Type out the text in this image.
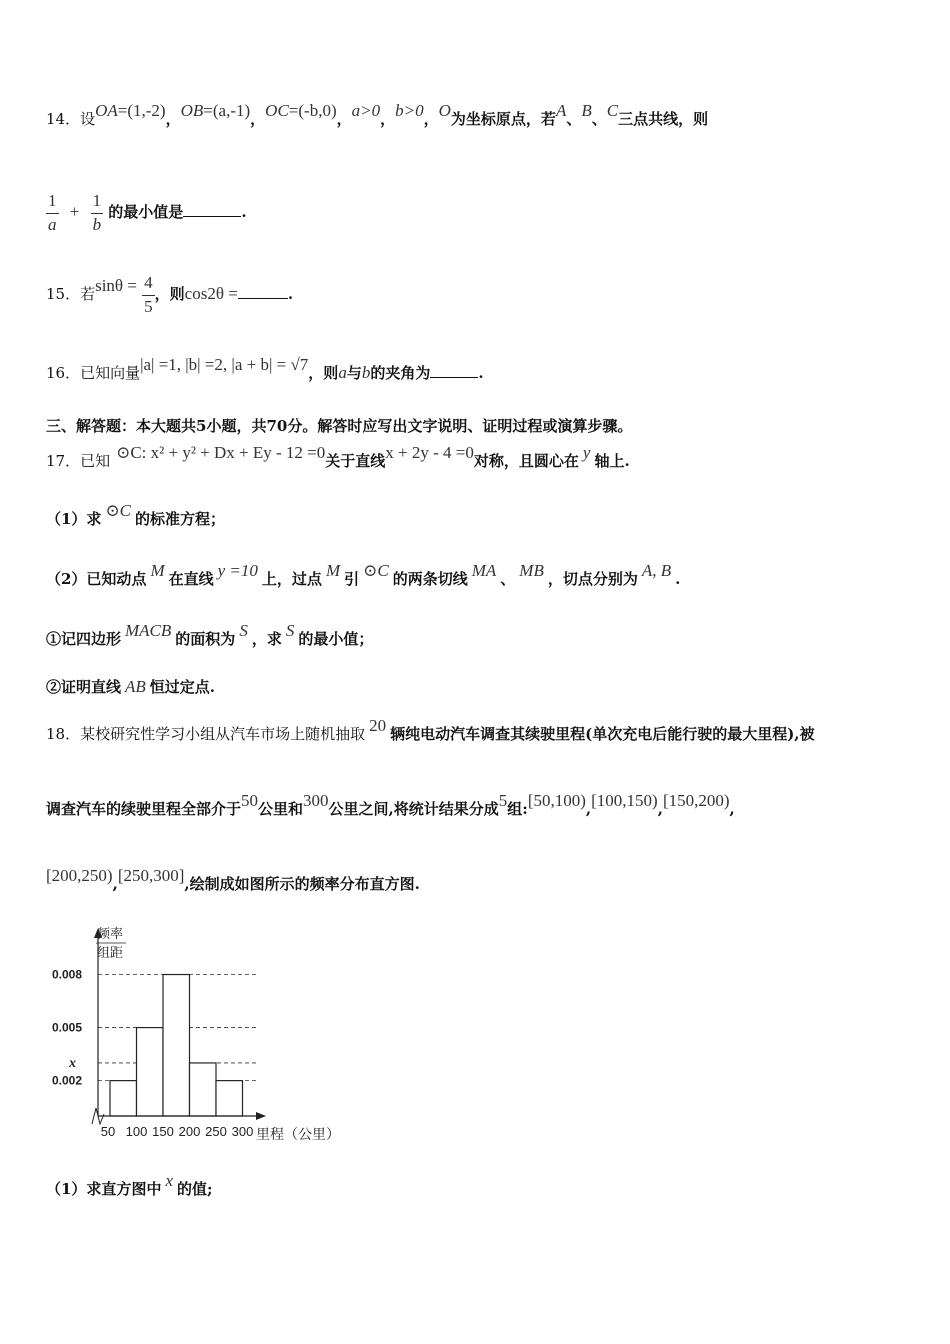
14．设OA=(1,-2)，OB=(a,-1)，OC=(-b,0)，a>0，b>0，O为坐标原点，若A、B、C三点共线，则
$\frac{1}{a} + \frac{1}{b}$ 的最小值是	.
15．若$\sin\theta = \frac{4}{5}$ ，则cos2θ =	.
16．已知向量|a| =1, |b| =2, |a + b| = √7，则a与b的夹角为	.
三、解答题：本大题共5小题，共70分。解答时应写出文字说明、证明过程或演算步骤。
17．已知 ⊙C: x² + y² + Dx + Ey - 12 =0关于直线x + 2y - 4 =0对称，且圆心在 y 轴上.
（1）求 ⊙C 的标准方程；
（2）已知动点 M 在直线 y =10 上，过点 M 引 ⊙C 的两条切线 MA 、 MB ，切点分别为 A, B .
①记四边形 MACB 的面积为 S ，求 S 的最小值；
②证明直线 AB 恒过定点.
18．某校研究性学习小组从汽车市场上随机抽取 20 辆纯电动汽车调查其续驶里程(单次充电后能行驶的最大里程),被
调查汽车的续驶里程全部介于50公里和300公里之间,将统计结果分成5组:[50,100),[100,150),[150,200),
[200,250),[250,300],绘制成如图所示的频率分布直方图.
0.008
0.005
x
0.002
50 100 150 200 250 300
频率
组距
里程（公里）
（1）求直方图中 x 的值;
